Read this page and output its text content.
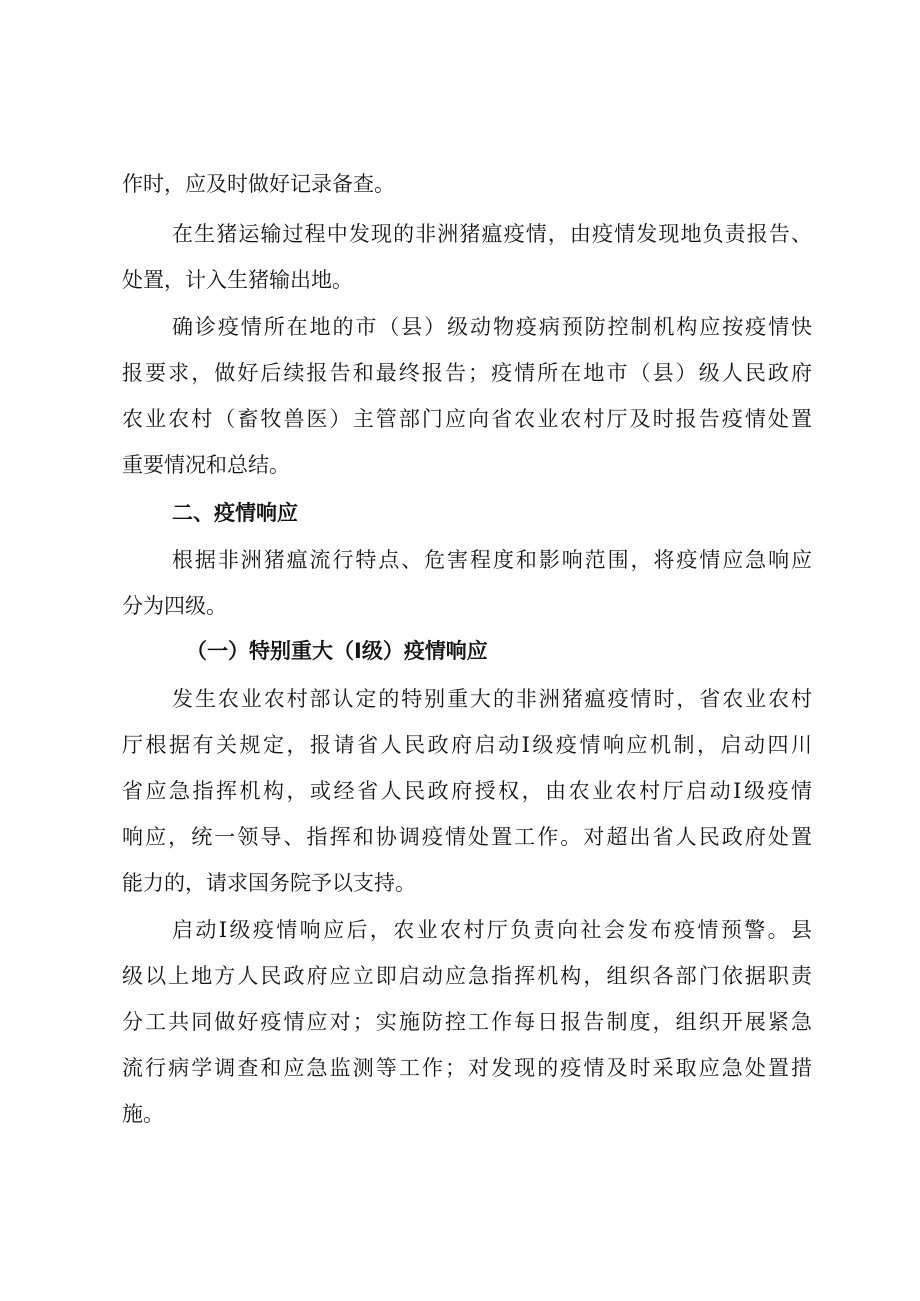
作时，应及时做好记录备查。
在生猪运输过程中发现的非洲猪瘟疫情，由疫情发现地负责报告、
处置，计入生猪输出地。
确诊疫情所在地的市（县）级动物疫病预防控制机构应按疫情快
报要求，做好后续报告和最终报告；疫情所在地市（县）级人民政府
农业农村（畜牧兽医）主管部门应向省农业农村厅及时报告疫情处置
重要情况和总结。
二、疫情响应
根据非洲猪瘟流行特点、危害程度和影响范围，将疫情应急响应
分为四级。
（一）特别重大（Ⅰ级）疫情响应
发生农业农村部认定的特别重大的非洲猪瘟疫情时，省农业农村
厅根据有关规定，报请省人民政府启动Ⅰ级疫情响应机制，启动四川
省应急指挥机构，或经省人民政府授权，由农业农村厅启动Ⅰ级疫情
响应，统一领导、指挥和协调疫情处置工作。对超出省人民政府处置
能力的，请求国务院予以支持。
启动Ⅰ级疫情响应后，农业农村厅负责向社会发布疫情预警。县
级以上地方人民政府应立即启动应急指挥机构，组织各部门依据职责
分工共同做好疫情应对；实施防控工作每日报告制度，组织开展紧急
流行病学调查和应急监测等工作；对发现的疫情及时采取应急处置措
施。
